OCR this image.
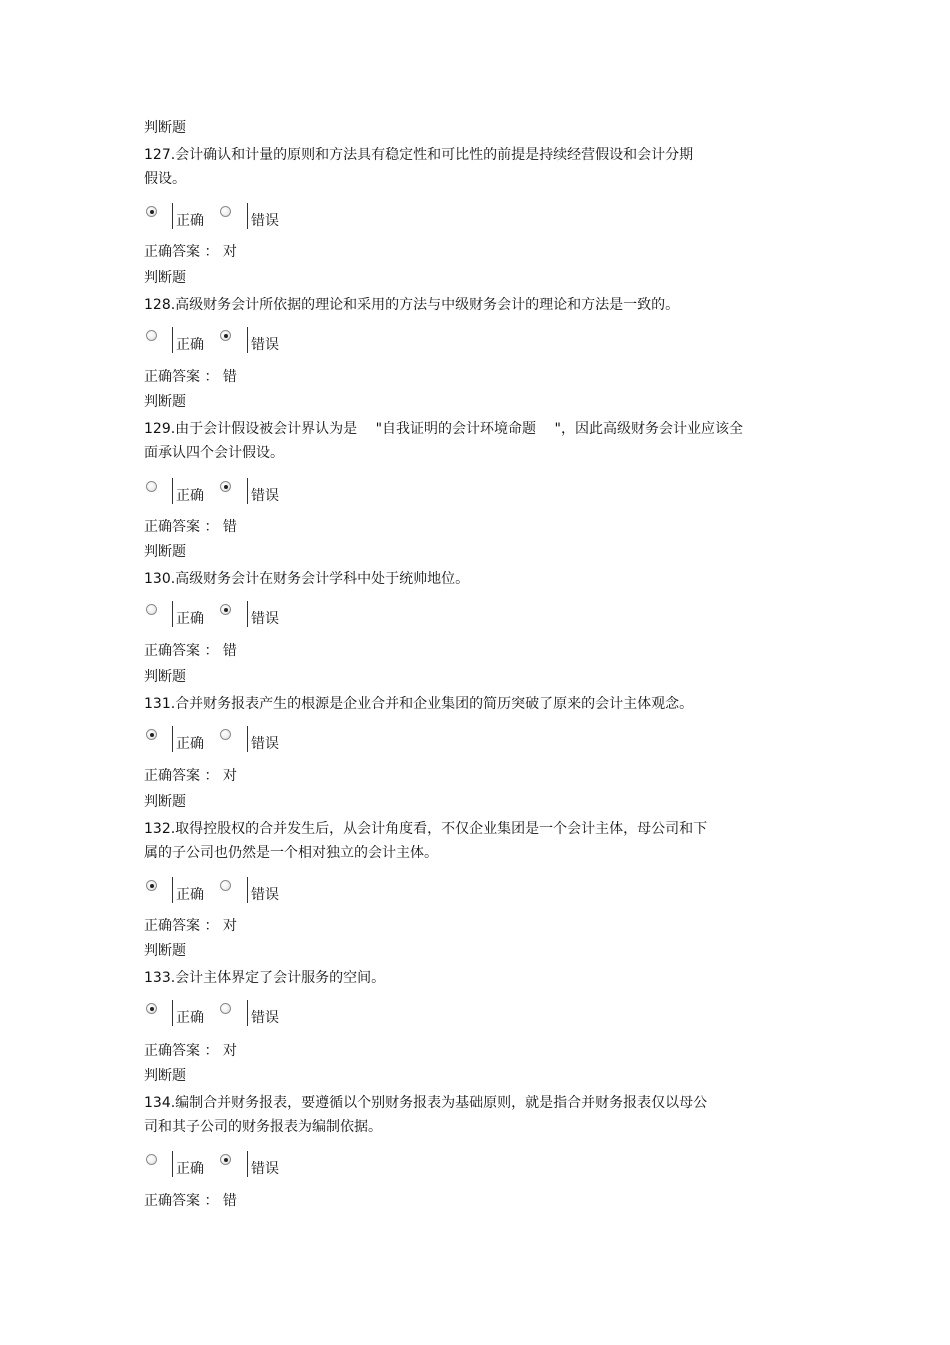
判断题
127.会计确认和计量的原则和方法具有稳定性和可比性的前提是持续经营假设和会计分期
假设。
正确	错误
正确答案 ： 对
判断题
128.高级财务会计所依据的理论和采用的方法与中级财务会计的理论和方法是一致的。
正确	错误
正确答案 ： 错
判断题
129.由于会计假设被会计界认为是　 "自我证明的会计环境命题　 "，因此高级财务会计业应该全
面承认四个会计假设。
正确	错误
正确答案 ： 错
判断题
130.高级财务会计在财务会计学科中处于统帅地位。
正确	错误
正确答案 ： 错
判断题
131.合并财务报表产生的根源是企业合并和企业集团的简历突破了原来的会计主体观念。
正确	错误
正确答案 ： 对
判断题
132.取得控股权的合并发生后，从会计角度看，不仅企业集团是一个会计主体，母公司和下
属的子公司也仍然是一个相对独立的会计主体。
正确	错误
正确答案 ： 对
判断题
133.会计主体界定了会计服务的空间。
正确	错误
正确答案 ： 对
判断题
134.编制合并财务报表，要遵循以个别财务报表为基础原则，就是指合并财务报表仅以母公
司和其子公司的财务报表为编制依据。
正确	错误
正确答案 ： 错
